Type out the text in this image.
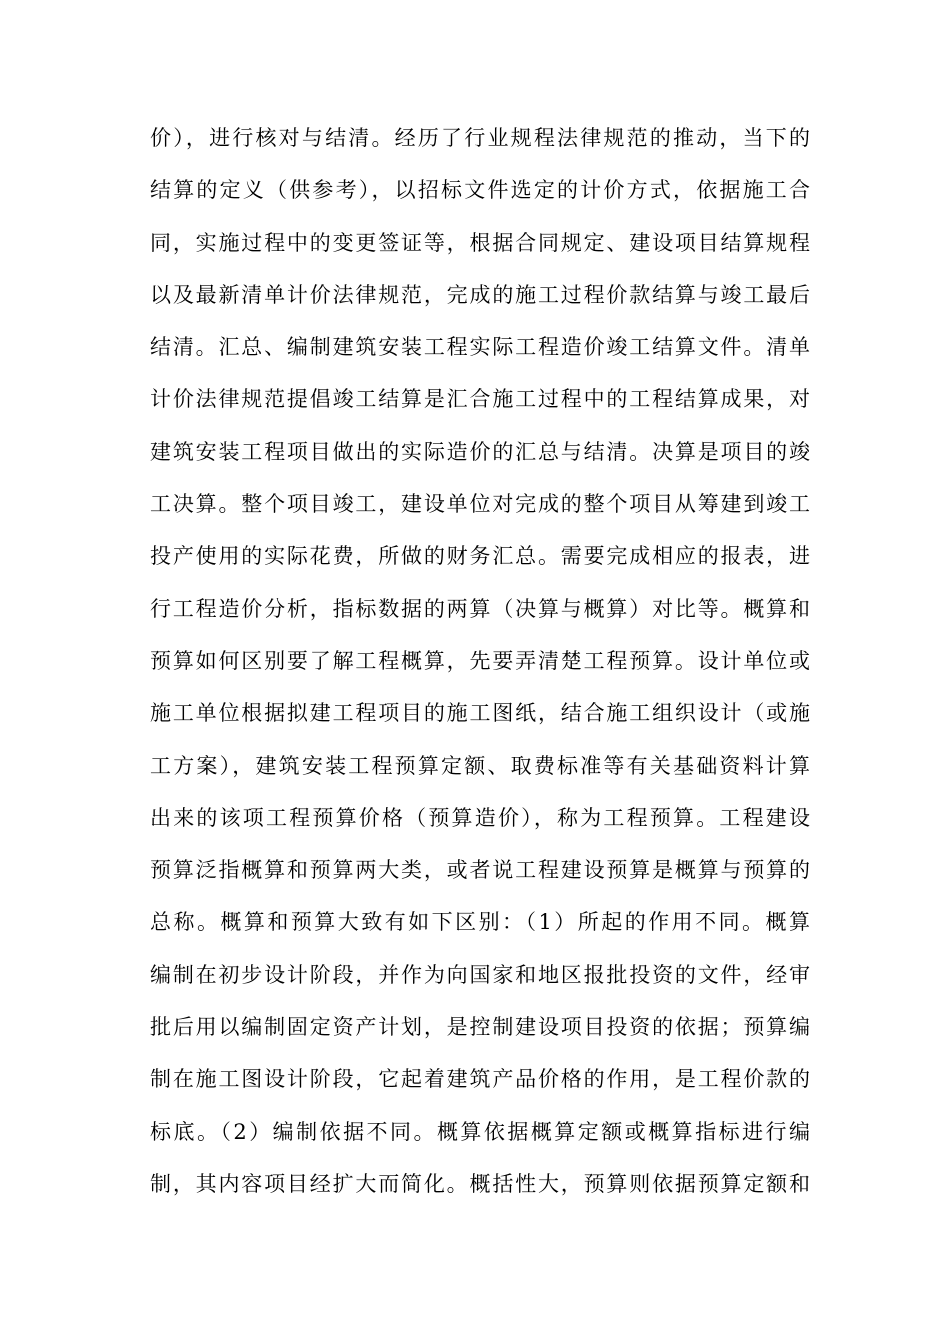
价），进行核对与结清。经历了行业规程法律规范的推动，当下的
结算的定义（供参考），以招标文件选定的计价方式，依据施工合
同，实施过程中的变更签证等，根据合同规定、建设项目结算规程
以及最新清单计价法律规范，完成的施工过程价款结算与竣工最后
结清。汇总、编制建筑安装工程实际工程造价竣工结算文件。清单
计价法律规范提倡竣工结算是汇合施工过程中的工程结算成果，对
建筑安装工程项目做出的实际造价的汇总与结清。决算是项目的竣
工决算。整个项目竣工，建设单位对完成的整个项目从筹建到竣工
投产使用的实际花费，所做的财务汇总。需要完成相应的报表，进
行工程造价分析，指标数据的两算（决算与概算）对比等。概算和
预算如何区别要了解工程概算，先要弄清楚工程预算。设计单位或
施工单位根据拟建工程项目的施工图纸，结合施工组织设计（或施
工方案），建筑安装工程预算定额、取费标准等有关基础资料计算
出来的该项工程预算价格（预算造价），称为工程预算。工程建设
预算泛指概算和预算两大类，或者说工程建设预算是概算与预算的
总称。概算和预算大致有如下区别：（1）所起的作用不同。概算
编制在初步设计阶段，并作为向国家和地区报批投资的文件，经审
批后用以编制固定资产计划，是控制建设项目投资的依据；预算编
制在施工图设计阶段，它起着建筑产品价格的作用，是工程价款的
标底。（2）编制依据不同。概算依据概算定额或概算指标进行编
制，其内容项目经扩大而简化。概括性大，预算则依据预算定额和
